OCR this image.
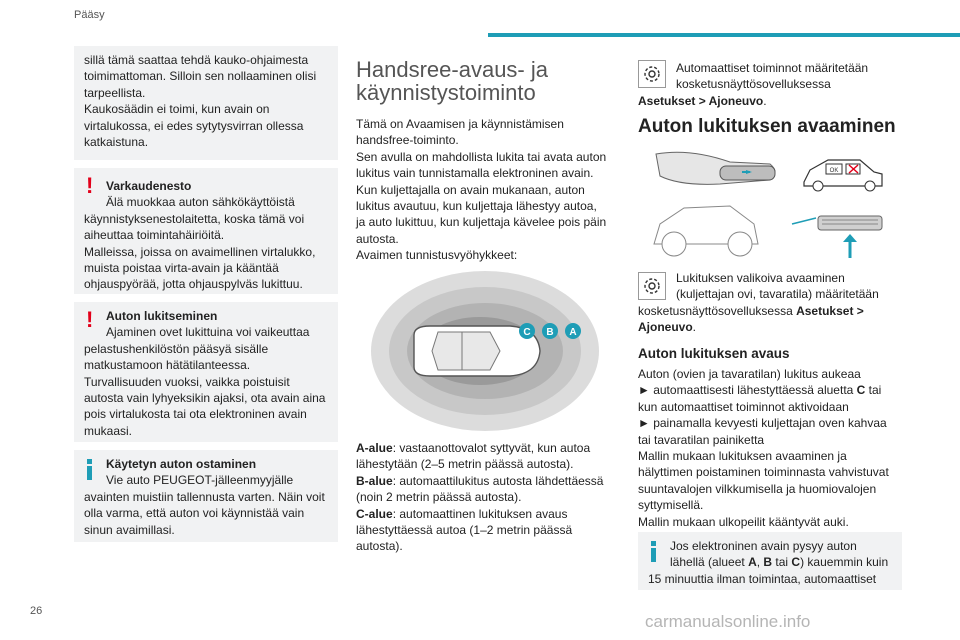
Pääsy
sillä tämä saattaa tehdä kauko-ohjaimesta
toimimattoman. Silloin sen nollaaminen olisi
tarpeellista.
Kaukosäädin ei toimi, kun avain on
virtalukossa, ei edes sytytysvirran ollessa
katkaistuna.
!	Varkaudenesto
Älä muokkaa auton sähkökäyttöistä
käynnistyksenestolaitetta, koska tämä voi
aiheuttaa toimintahäiriöitä.
Malleissa, joissa on avaimellinen virtalukko,
muista poistaa virta-avain ja kääntää
ohjauspyörää, jotta ohjauspylväs lukittuu.
!	Auton lukitseminen
Ajaminen ovet lukittuina voi vaikeuttaa
pelastushenkilöstön pääsyä sisälle
matkustamoon hätätilanteessa.
Turvallisuuden vuoksi, vaikka poistuisit
autosta vain lyhyeksikin ajaksi, ota avain aina
pois virtalukosta tai ota elektroninen avain
mukaasi.
Käytetyn auton ostaminen
Vie auto PEUGEOT-jälleenmyyjälle
avainten muistiin tallennusta varten. Näin voit
olla varma, että auton voi käynnistää vain
sinun avaimillasi.
Handsree-avaus- ja
käynnistystoiminto
Tämä on Avaamisen ja käynnistämisen
handsfree-toiminto.
Sen avulla on mahdollista lukita tai avata auton
lukitus vain tunnistamalla elektroninen avain.
Kun kuljettajalla on avain mukanaan, auton
lukitus avautuu, kun kuljettaja lähestyy autoa,
ja auto lukittuu, kun kuljettaja kävelee pois päin
autosta.
Avaimen tunnistusvyöhykkeet:
C B A
A-alue: vastaanottovalot syttyvät, kun autoa
lähestytään (2–5 metrin päässä autosta).
B-alue: automaattilukitus autosta lähdettäessä
(noin 2 metrin päässä autosta).
C-alue: automaattinen lukituksen avaus
lähestyttäessä autoa (1–2 metrin päässä
autosta).
Automaattiset toiminnot määritetään
kosketusnäyttösovelluksessa
Asetukset > Ajoneuvo.
Auton lukituksen avaaminen
OK
Lukituksen valikoiva avaaminen
(kuljettajan ovi, tavaratila) määritetään
kosketusnäyttösovelluksessa Asetukset >
Ajoneuvo.
Auton lukituksen avaus
Auton (ovien ja tavaratilan) lukitus aukeaa
► automaattisesti lähestyttäessä aluetta C tai
kun automaattiset toiminnot aktivoidaan
► painamalla kevyesti kuljettajan oven kahvaa
tai tavaratilan painiketta
Mallin mukaan lukituksen avaaminen ja
hälyttimen poistaminen toiminnasta vahvistuvat
suuntavalojen vilkkumisella ja huomiovalojen
syttymisellä.
Mallin mukaan ulkopeilit kääntyvät auki.
Jos elektroninen avain pysyy auton
lähellä (alueet A, B tai C) kauemmin kuin
15 minuuttia ilman toimintaa, automaattiset
26
carmanualsonline.info
